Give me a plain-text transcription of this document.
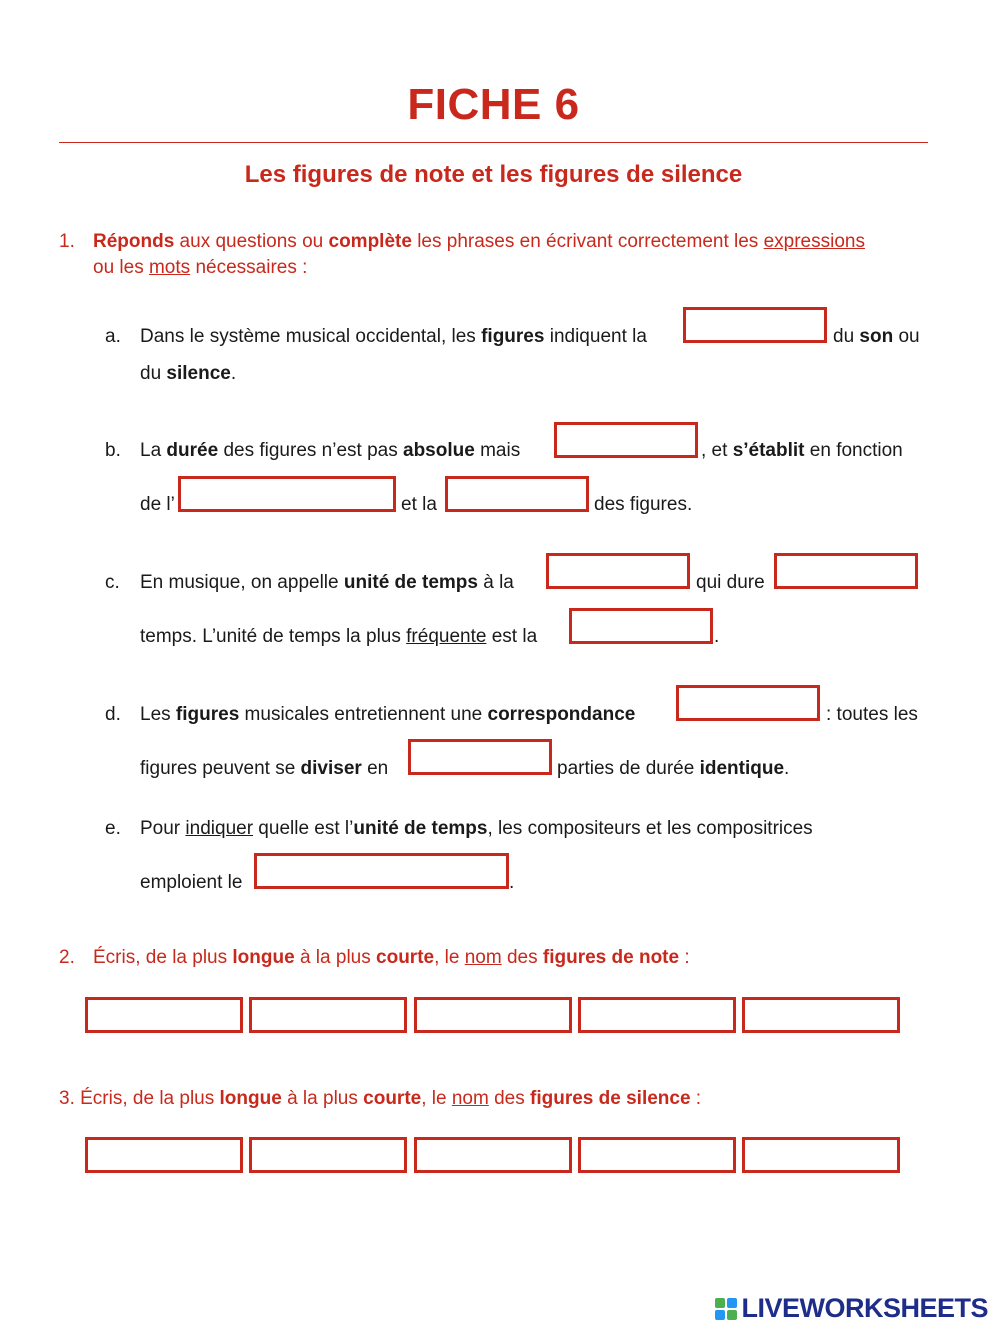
FICHE 6
Les figures de note et les figures de silence
1. Réponds aux questions ou complète les phrases en écrivant correctement les expressions
ou les mots nécessaires :
a. Dans le système musical occidental, les figures indiquent la	du son ou
du silence.
b. La durée des figures n’est pas absolue mais	, et s’établit en fonction
de l’	et la	des figures.
c. En musique, on appelle unité de temps à la	qui dure
temps. L’unité de temps la plus fréquente est la	.
d. Les figures musicales entretiennent une correspondance	: toutes les
figures peuvent se diviser en	parties de durée identique.
e. Pour indiquer quelle est l’unité de temps, les compositeurs et les compositrices
emploient le	.
2. Écris, de la plus longue à la plus courte, le nom des figures de note :
3. Écris, de la plus longue à la plus courte, le nom des figures de silence :
LIVEWORKSHEETS
